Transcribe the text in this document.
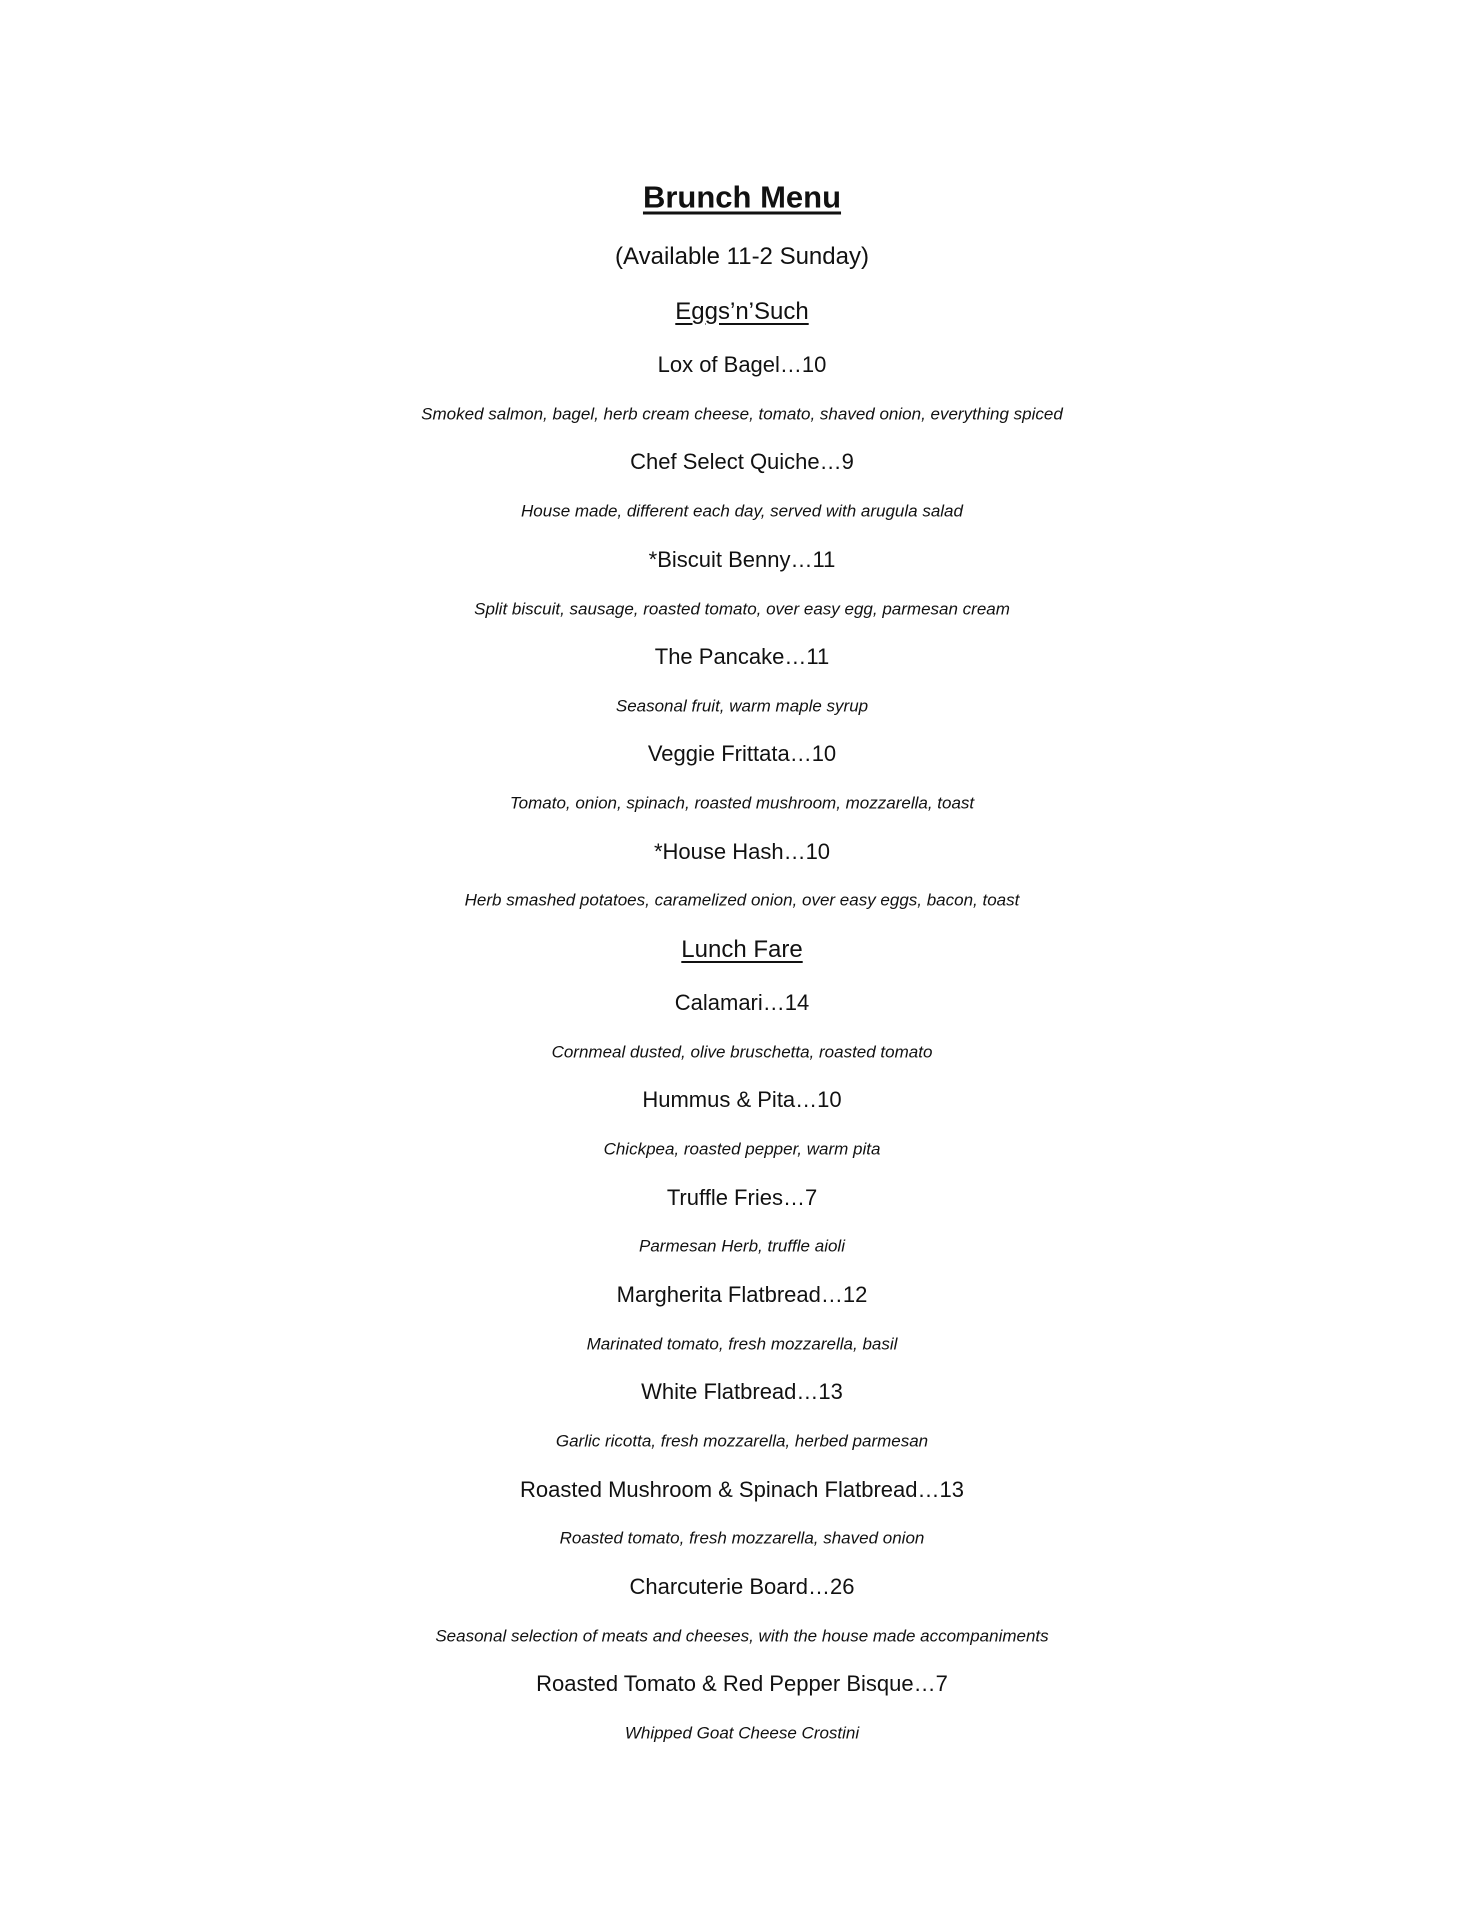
Brunch Menu
(Available 11-2 Sunday)
Eggs’n’Such
Lox of Bagel…10
Smoked salmon, bagel, herb cream cheese, tomato, shaved onion, everything spiced
Chef Select Quiche…9
House made, different each day, served with arugula salad
*Biscuit Benny…11
Split biscuit, sausage, roasted tomato, over easy egg, parmesan cream
The Pancake…11
Seasonal fruit, warm maple syrup
Veggie Frittata…10
Tomato, onion, spinach, roasted mushroom, mozzarella, toast
*House Hash…10
Herb smashed potatoes, caramelized onion, over easy eggs, bacon, toast
Lunch Fare
Calamari…14
Cornmeal dusted, olive bruschetta, roasted tomato
Hummus & Pita…10
Chickpea, roasted pepper, warm pita
Truffle Fries…7
Parmesan Herb, truffle aioli
Margherita Flatbread…12
Marinated tomato, fresh mozzarella, basil
White Flatbread…13
Garlic ricotta, fresh mozzarella, herbed parmesan
Roasted Mushroom & Spinach Flatbread…13
Roasted tomato, fresh mozzarella, shaved onion
Charcuterie Board…26
Seasonal selection of meats and cheeses, with the house made accompaniments
Roasted Tomato & Red Pepper Bisque…7
Whipped Goat Cheese Crostini
